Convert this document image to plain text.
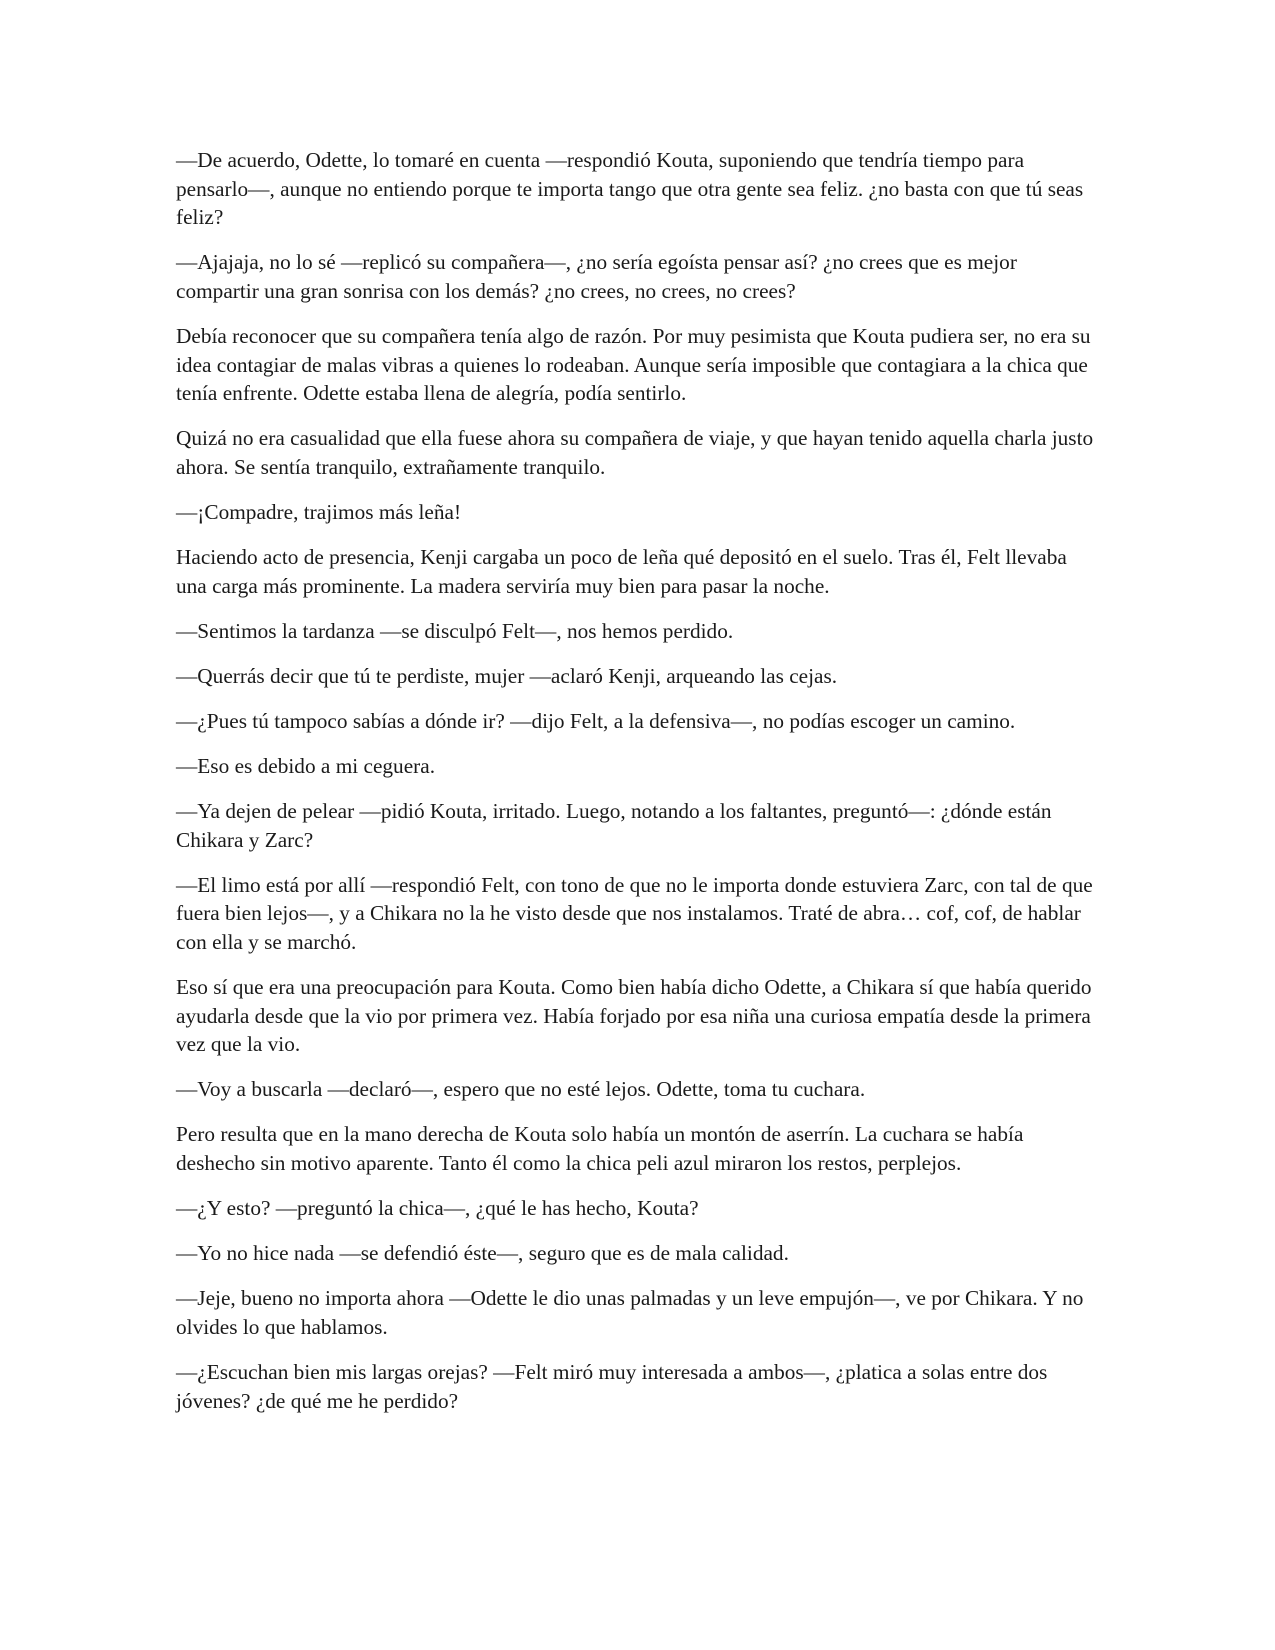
—De acuerdo, Odette, lo tomaré en cuenta —respondió Kouta, suponiendo que tendría tiempo para pensarlo—, aunque no entiendo porque te importa tango que otra gente sea feliz. ¿no basta con que tú seas feliz?

—Ajajaja, no lo sé —replicó su compañera—, ¿no sería egoísta pensar así? ¿no crees que es mejor compartir una gran sonrisa con los demás? ¿no crees, no crees, no crees?

Debía reconocer que su compañera tenía algo de razón. Por muy pesimista que Kouta pudiera ser, no era su idea contagiar de malas vibras a quienes lo rodeaban. Aunque sería imposible que contagiara a la chica que tenía enfrente. Odette estaba llena de alegría, podía sentirlo.

Quizá no era casualidad que ella fuese ahora su compañera de viaje, y que hayan tenido aquella charla justo ahora. Se sentía tranquilo, extrañamente tranquilo.

—¡Compadre, trajimos más leña!

Haciendo acto de presencia, Kenji cargaba un poco de leña qué depositó en el suelo. Tras él, Felt llevaba una carga más prominente. La madera serviría muy bien para pasar la noche.

—Sentimos la tardanza —se disculpó Felt—, nos hemos perdido.

—Querrás decir que tú te perdiste, mujer —aclaró Kenji, arqueando las cejas.

—¿Pues tú tampoco sabías a dónde ir? —dijo Felt, a la defensiva—, no podías escoger un camino.

—Eso es debido a mi ceguera.

—Ya dejen de pelear —pidió Kouta, irritado. Luego, notando a los faltantes, preguntó—: ¿dónde están Chikara y Zarc?

—El limo está por allí —respondió Felt, con tono de que no le importa donde estuviera Zarc, con tal de que fuera bien lejos—, y a Chikara no la he visto desde que nos instalamos. Traté de abra… cof, cof, de hablar con ella y se marchó.

Eso sí que era una preocupación para Kouta. Como bien había dicho Odette, a Chikara sí que había querido ayudarla desde que la vio por primera vez. Había forjado por esa niña una curiosa empatía desde la primera vez que la vio.

—Voy a buscarla —declaró—, espero que no esté lejos. Odette, toma tu cuchara.

Pero resulta que en la mano derecha de Kouta solo había un montón de aserrín. La cuchara se había deshecho sin motivo aparente. Tanto él como la chica peli azul miraron los restos, perplejos.

—¿Y esto? —preguntó la chica—, ¿qué le has hecho, Kouta?

—Yo no hice nada —se defendió éste—, seguro que es de mala calidad.

—Jeje, bueno no importa ahora —Odette le dio unas palmadas y un leve empujón—, ve por Chikara. Y no olvides lo que hablamos.

—¿Escuchan bien mis largas orejas? —Felt miró muy interesada a ambos—, ¿platica a solas entre dos jóvenes? ¿de qué me he perdido?
